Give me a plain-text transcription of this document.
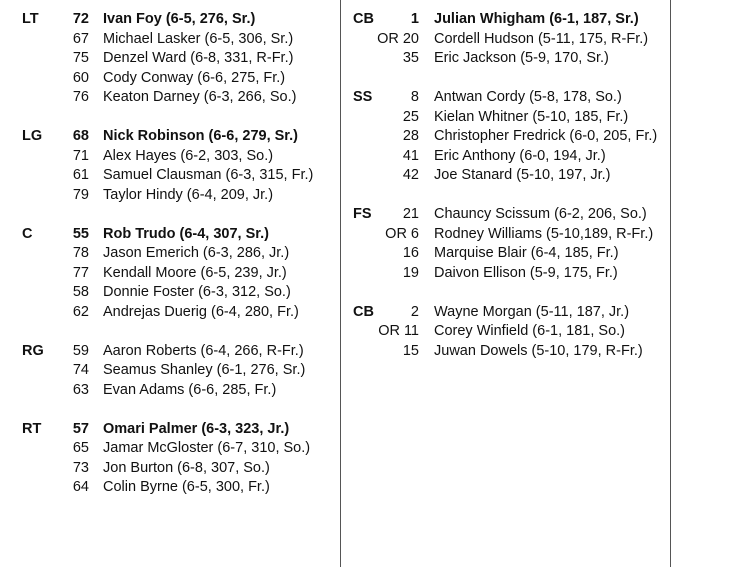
LT	72 Ivan Foy (6-5, 276, Sr.)
67 Michael Lasker (6-5, 306, Sr.)
75 Denzel Ward (6-8, 331, R-Fr.)
60 Cody Conway (6-6, 275, Fr.)
76 Keaton Darney (6-3, 266, So.)
LG	68 Nick Robinson (6-6, 279, Sr.)
71 Alex Hayes (6-2, 303, So.)
61 Samuel Clausman (6-3, 315, Fr.)
79 Taylor Hindy (6-4, 209, Jr.)
C	55 Rob Trudo (6-4, 307, Sr.)
78 Jason Emerich (6-3, 286, Jr.)
77 Kendall Moore (6-5, 239, Jr.)
58 Donnie Foster (6-3, 312, So.)
62 Andrejas Duerig (6-4, 280, Fr.)
RG	59 Aaron Roberts (6-4, 266, R-Fr.)
74 Seamus Shanley (6-1, 276, Sr.)
63 Evan Adams (6-6, 285, Fr.)
RT	57 Omari Palmer (6-3, 323, Jr.)
65 Jamar McGloster (6-7, 310, So.)
73 Jon Burton (6-8, 307, So.)
64 Colin Byrne (6-5, 300, Fr.)
CB	1 Julian Whigham (6-1, 187, Sr.)
OR 20 Cordell Hudson (5-11, 175, R-Fr.)
35 Eric Jackson (5-9, 170, Sr.)
SS	8 Antwan Cordy (5-8, 178, So.)
25 Kielan Whitner (5-10, 185, Fr.)
28 Christopher Fredrick (6-0, 205, Fr.)
41 Eric Anthony (6-0, 194, Jr.)
42 Joe Stanard (5-10, 197, Jr.)
FS	21 Chauncy Scissum (6-2, 206, So.)
OR 6 Rodney Williams (5-10,189, R-Fr.)
16 Marquise Blair (6-4, 185, Fr.)
19 Daivon Ellison (5-9, 175, Fr.)
CB	2 Wayne Morgan (5-11, 187, Jr.)
OR 11 Corey Winfield (6-1, 181, So.)
15 Juwan Dowels (5-10, 179, R-Fr.)
